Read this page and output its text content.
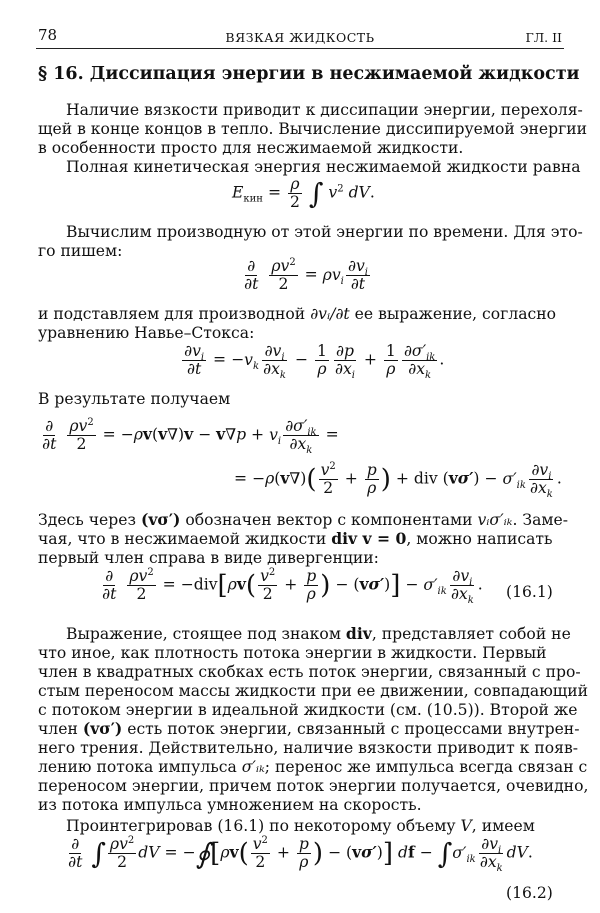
78	ВЯЗКАЯ ЖИДКОСТЬ	ГЛ. II
§ 16. Диссипация энергии в несжимаемой жидкости
Наличие вязкости приводит к диссипации энергии, перехоля-
щей в конце концов в тепло. Вычисление диссипируемой энергии
в особенности просто для несжимаемой жидкости.
Полная кинетическая энергия несжимаемой жидкости равна
$E_{кин} = \frac{\rho}{2}$ ∫ $v^2$ dV.
Вычислим производную от этой энергии по времени. Для это-
го пишем:
$\frac{\partial}{\partial t}$
$\frac{\rho v^2}{2} = \rho v_i \frac{\partial v_i}{\partial t}$
и подставляем для производной ∂vᵢ/∂t ее выражение, согласно
уравнению Навье–Стокса:
$\frac{\partial v_i}{\partial t} = -v_k \frac{\partial v_i}{\partial x_k} - \frac{1}{\rho} \frac{\partial p}{\partial x_i} + \frac{1}{\rho} \frac{\partial\sigma'_{ik}}{\partial x_k}$ .
В результате получаем
$\frac{\partial}{\partial t}$
$\frac{\rho v^2}{2} = -\rho v(v\nabla)v - v\nabla p + v_i \frac{\partial\sigma'_{ik}}{\partial x_k}$ =
= $-\rho(v\nabla)( \frac{v^2}{2} + \frac{p}{\rho}$ ) + div $(v\sigma') - \sigma'_{ik} \frac{\partial v_i}{\partial x_k}$ .
Здесь через (vσ′) обозначен вектор с компонентами vᵢσ′ᵢₖ. Заме-
чая, что в несжимаемой жидкости div v = 0, можно написать
первый член справа в виде дивергенции:
$\frac{\partial}{\partial t}$
$\frac{\rho v^2}{2} = -div[\rho v( \frac{v^2}{2} + \frac{p}{\rho}$ ) − $(v\sigma')] - \sigma'_{ik} \frac{\partial v_i}{\partial x_k}$ . (16.1)
Выражение, стоящее под знаком div, представляет собой не
что иное, как плотность потока энергии в жидкости. Первый
член в квадратных скобках есть поток энергии, связанный с про-
стым переносом массы жидкости при ее движении, совпадающий
с потоком энергии в идеальной жидкости (см. (10.5)). Второй же
член (vσ′) есть поток энергии, связанный с процессами внутрен-
него трения. Действительно, наличие вязкости приводит к появ-
лению потока импульса σ′ᵢₖ; перенос же импульса всегда связан с
переносом энергии, причем поток энергии получается, очевидно,
из потока импульса умножением на скорость.
Проинтегрировав (16.1) по некоторому объему V, имеем
$\frac{\partial}{\partial t}$ ∫ $\frac{\rho v^2}{2}$ dV = −∮[ρv( $\frac{v^2}{2} + \frac{p}{\rho}$ ) − (vσ′)] df − $\int\sigma'_{ik} \frac{\partial v_i}{\partial x_k}$ dV.
(16.2)
